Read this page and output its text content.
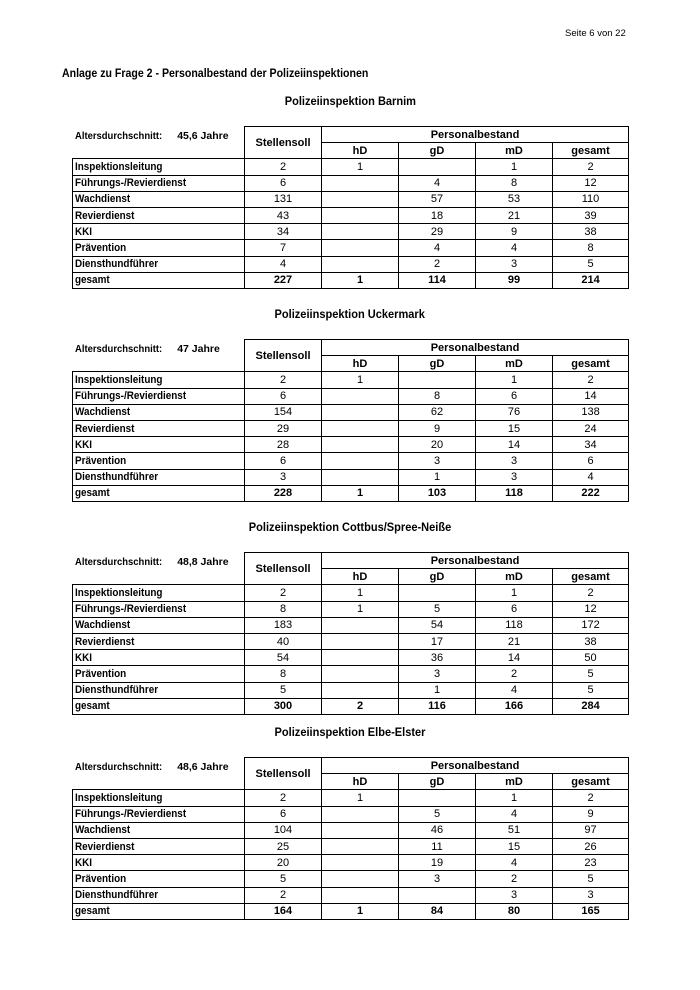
Seite 6 von 22
Anlage zu Frage 2 - Personalbestand der Polizeiinspektionen
Polizeiinspektion Barnim
Altersdurchschnitt: 45,6 Jahre	Stellensoll	Personalbestand			
		hD	gD	mD	gesamt
Inspektionsleitung	2	1		1	2
Führungs-/Revierdienst	6		4	8	12
Wachdienst	131		57	53	110
Revierdienst	43		18	21	39
KKI	34		29	9	38
Prävention	7		4	4	8
Diensthundführer	4		2	3	5
gesamt	227	1	114	99	214
Polizeiinspektion Uckermark
Altersdurchschnitt: 47 Jahre	Stellensoll	Personalbestand			
		hD	gD	mD	gesamt
Inspektionsleitung	2	1		1	2
Führungs-/Revierdienst	6		8	6	14
Wachdienst	154		62	76	138
Revierdienst	29		9	15	24
KKI	28		20	14	34
Prävention	6		3	3	6
Diensthundführer	3		1	3	4
gesamt	228	1	103	118	222
Polizeiinspektion Cottbus/Spree-Neiße
Altersdurchschnitt: 48,8 Jahre	Stellensoll	Personalbestand			
		hD	gD	mD	gesamt
Inspektionsleitung	2	1		1	2
Führungs-/Revierdienst	8	1	5	6	12
Wachdienst	183		54	118	172
Revierdienst	40		17	21	38
KKI	54		36	14	50
Prävention	8		3	2	5
Diensthundführer	5		1	4	5
gesamt	300	2	116	166	284
Polizeiinspektion Elbe-Elster
Altersdurchschnitt: 48,6 Jahre	Stellensoll	Personalbestand			
		hD	gD	mD	gesamt
Inspektionsleitung	2	1		1	2
Führungs-/Revierdienst	6		5	4	9
Wachdienst	104		46	51	97
Revierdienst	25		11	15	26
KKI	20		19	4	23
Prävention	5		3	2	5
Diensthundführer	2			3	3
gesamt	164	1	84	80	165
